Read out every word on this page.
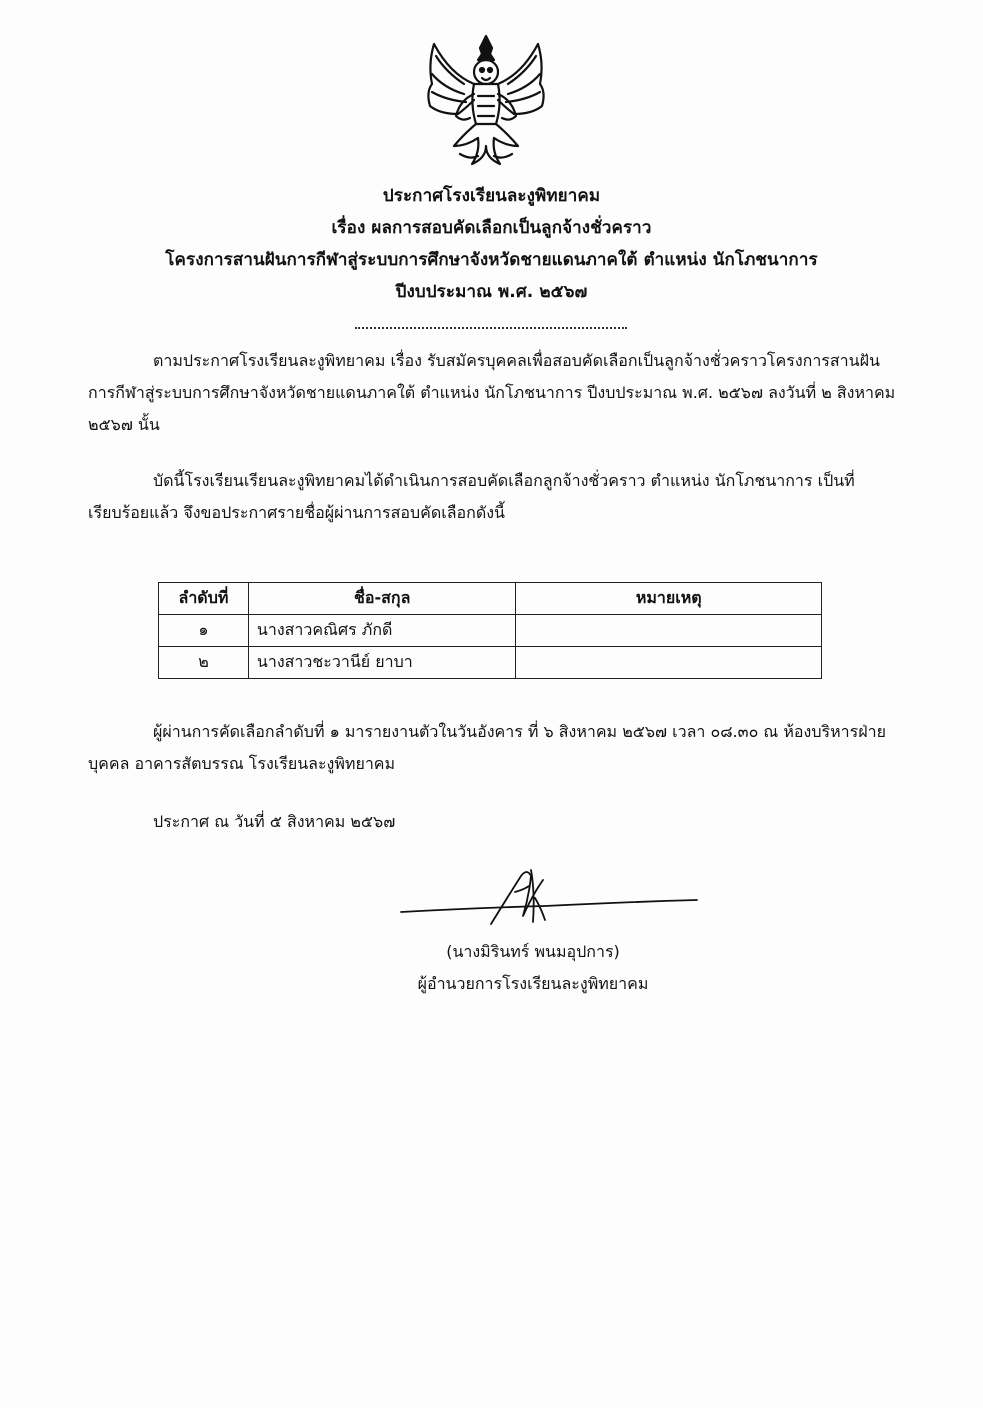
ประกาศโรงเรียนละงูพิทยาคม
เรื่อง ผลการสอบคัดเลือกเป็นลูกจ้างชั่วคราว
โครงการสานฝันการกีฬาสู่ระบบการศึกษาจังหวัดชายแดนภาคใต้ ตำแหน่ง นักโภชนาการ
ปีงบประมาณ พ.ศ. ๒๕๖๗

ตามประกาศโรงเรียนละงูพิทยาคม เรื่อง รับสมัครบุคคลเพื่อสอบคัดเลือกเป็นลูกจ้างชั่วคราวโครงการสานฝันการกีฬาสู่ระบบการศึกษาจังหวัดชายแดนภาคใต้ ตำแหน่ง นักโภชนาการ ปีงบประมาณ พ.ศ. ๒๕๖๗ ลงวันที่ ๒ สิงหาคม ๒๕๖๗ นั้น

บัดนี้โรงเรียนเรียนละงูพิทยาคมได้ดำเนินการสอบคัดเลือกลูกจ้างชั่วคราว ตำแหน่ง นักโภชนาการ เป็นที่เรียบร้อยแล้ว จึงขอประกาศรายชื่อผู้ผ่านการสอบคัดเลือกดังนี้

ลำดับที่	ชื่อ-สกุล	หมายเหตุ
๑	นางสาวคณิศร ภักดี	
๒	นางสาวชะวานีย์ ยาบา	

ผู้ผ่านการคัดเลือกลำดับที่ ๑ มารายงานตัวในวันอังคาร ที่ ๖ สิงหาคม ๒๕๖๗ เวลา ๐๘.๓๐ ณ ห้องบริหารฝ่ายบุคคล อาคารสัตบรรณ โรงเรียนละงูพิทยาคม

ประกาศ ณ วันที่ ๕ สิงหาคม ๒๕๖๗
(นางมิรินทร์ พนมอุปการ)
ผู้อำนวยการโรงเรียนละงูพิทยาคม
